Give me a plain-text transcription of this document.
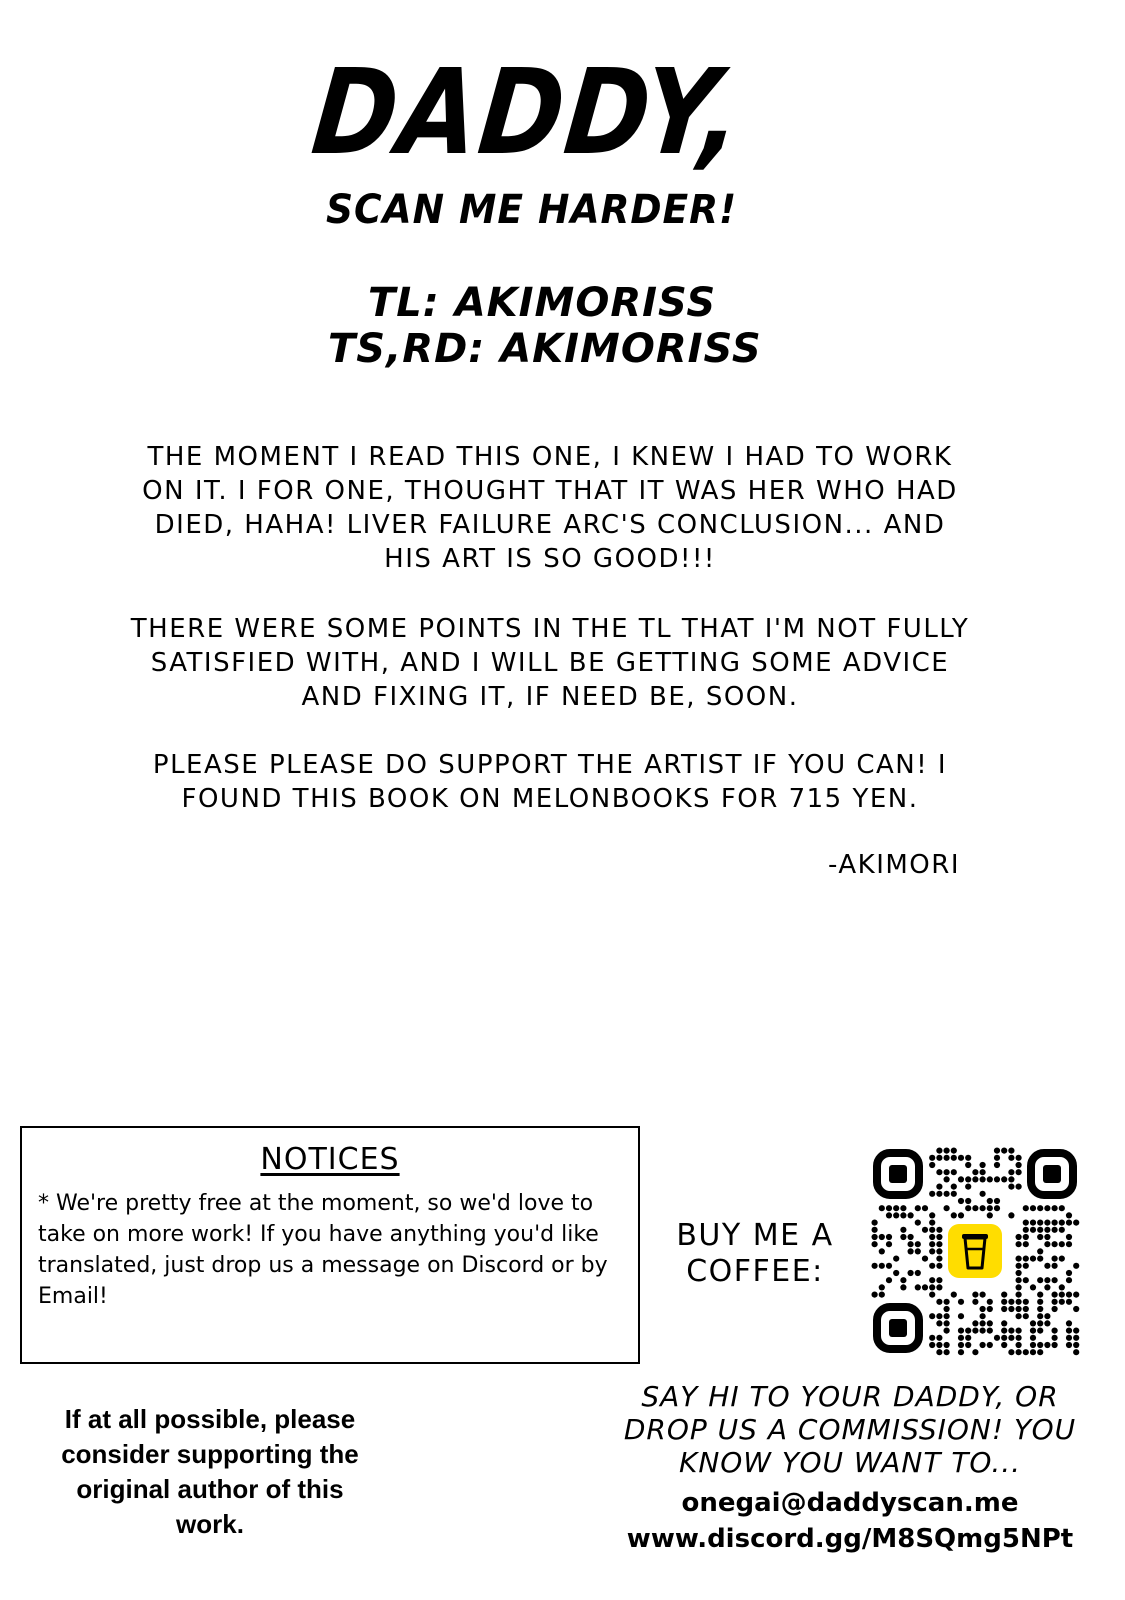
DADDY,
SCAN ME HARDER!
TL: AKIMORISS
TS,RD: AKIMORISS
THE MOMENT I READ THIS ONE, I KNEW I HAD TO WORK ON IT. I FOR ONE, THOUGHT THAT IT WAS HER WHO HAD DIED, HAHA! LIVER FAILURE ARC'S CONCLUSION... AND HIS ART IS SO GOOD!!!
THERE WERE SOME POINTS IN THE TL THAT I'M NOT FULLY SATISFIED WITH, AND I WILL BE GETTING SOME ADVICE AND FIXING IT, IF NEED BE, SOON.
PLEASE PLEASE DO SUPPORT THE ARTIST IF YOU CAN! I FOUND THIS BOOK ON MELONBOOKS FOR 715 YEN.
-AKIMORI
NOTICES
* We're pretty free at the moment, so we'd love to take on more work! If you have anything you'd like translated, just drop us a message on Discord or by Email!
BUY ME A COFFEE:
If at all possible, please consider supporting the original author of this work.
SAY HI TO YOUR DADDY, OR DROP US A COMMISSION! YOU KNOW YOU WANT TO...
onegai@daddyscan.me
www.discord.gg/M8SQmg5NPt
